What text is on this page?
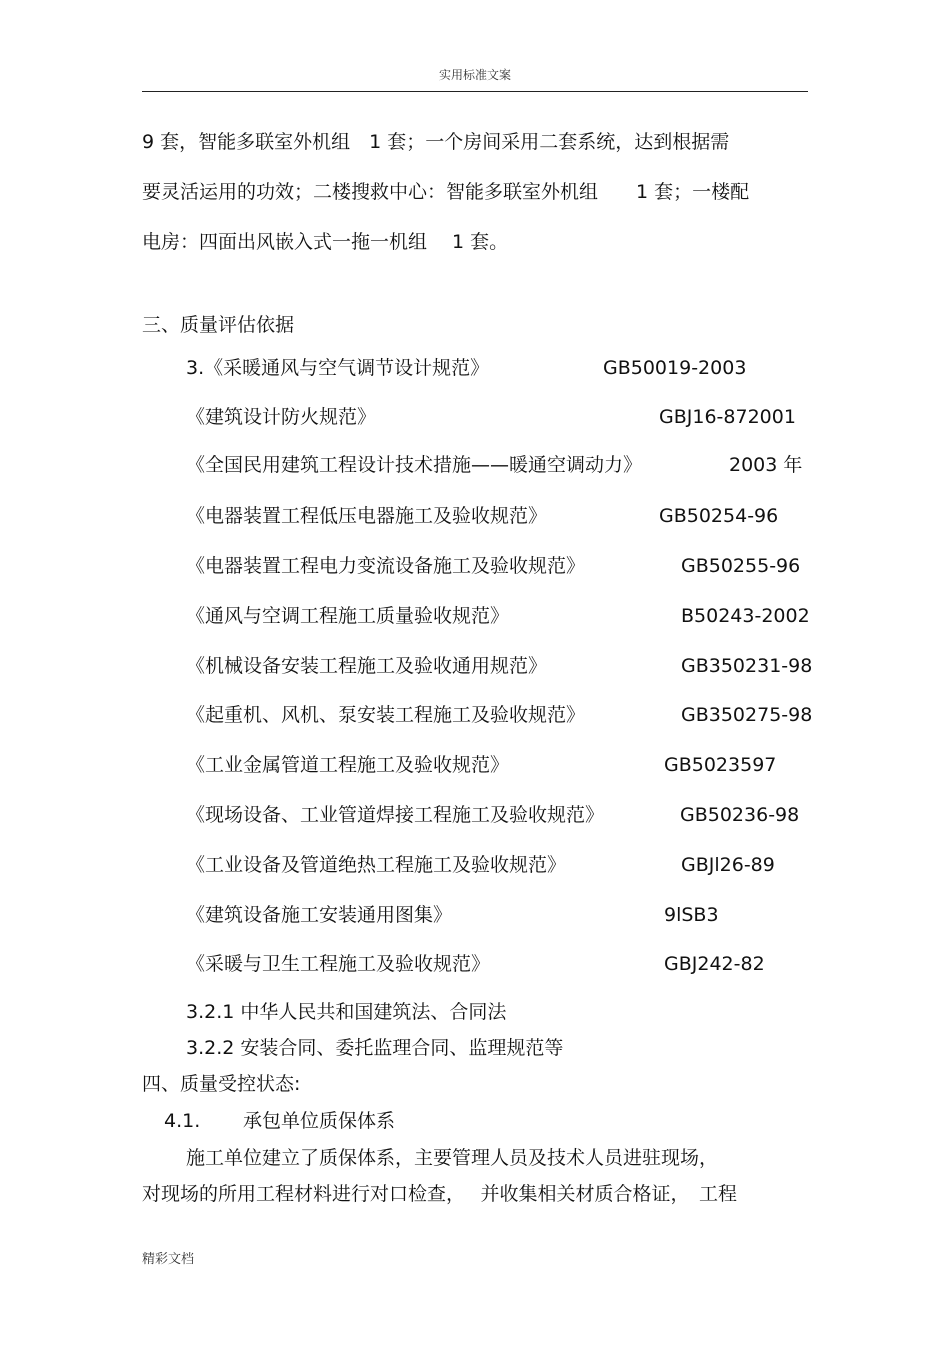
实用标准文案
9 套，智能多联室外机组　1 套；一个房间采用二套系统，达到根据需
要灵活运用的功效；二楼搜救中心：智能多联室外机组　　1 套；一楼配
电房：四面出风嵌入式一拖一机组　 1 套。
三、质量评估依据
3.《采暖通风与空气调节设计规范》	GB50019-2003
《建筑设计防火规范》	GBJ16-872001
《全国民用建筑工程设计技术措施——暖通空调动力》	2003 年
《电器装置工程低压电器施工及验收规范》	GB50254-96
《电器装置工程电力变流设备施工及验收规范》	GB50255-96
《通风与空调工程施工质量验收规范》	B50243-2002
《机械设备安装工程施工及验收通用规范》	GB350231-98
《起重机、风机、泵安装工程施工及验收规范》	GB350275-98
《工业金属管道工程施工及验收规范》	GB5023597
《现场设备、工业管道焊接工程施工及验收规范》	GB50236-98
《工业设备及管道绝热工程施工及验收规范》	GBJl26-89
《建筑设备施工安装通用图集》	9lSB3
《采暖与卫生工程施工及验收规范》	GBJ242-82
3.2.1 中华人民共和国建筑法、合同法
3.2.2 安装合同、委托监理合同、监理规范等
四、质量受控状态:
4.1. 承包单位质保体系
施工单位建立了质保体系，主要管理人员及技术人员进驻现场，
对现场的所用工程材料进行对口检查，　 并收集相关材质合格证，　工程
精彩文档
